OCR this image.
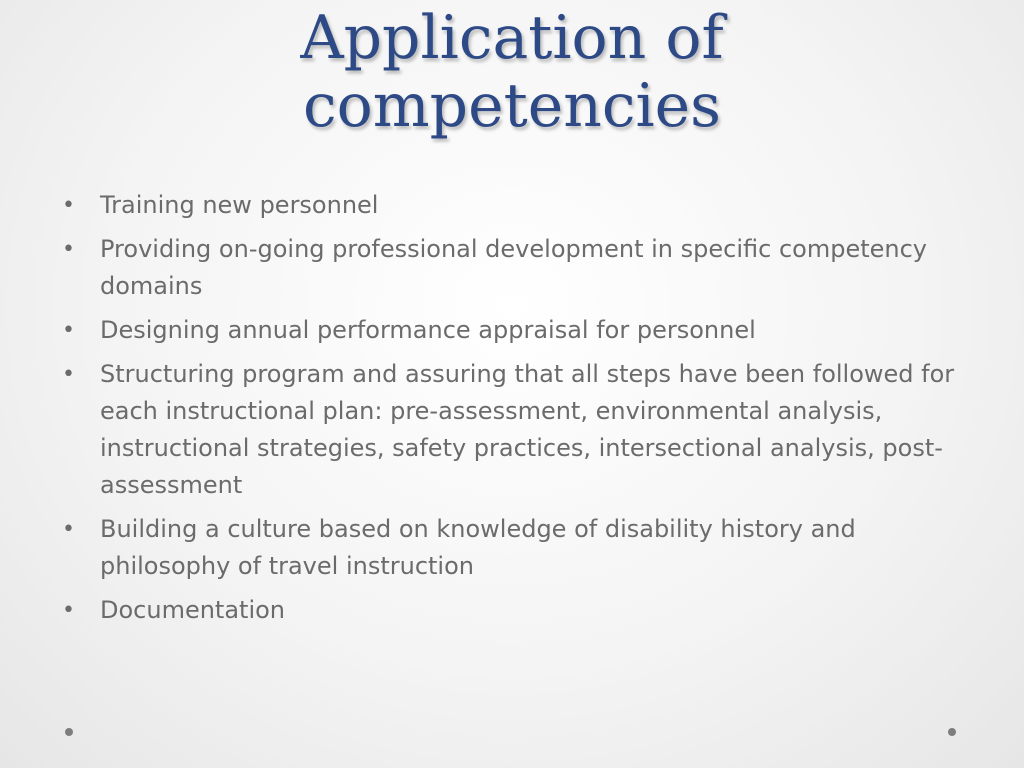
Application of
competencies
• Training new personnel
• Providing on-going professional development in specific competency domains
• Designing annual performance appraisal for personnel
• Structuring program and assuring that all steps have been followed for each instructional plan: pre-assessment, environmental analysis, instructional strategies, safety practices, intersectional analysis, post-assessment
• Building a culture based on knowledge of disability history and philosophy of travel instruction
• Documentation
